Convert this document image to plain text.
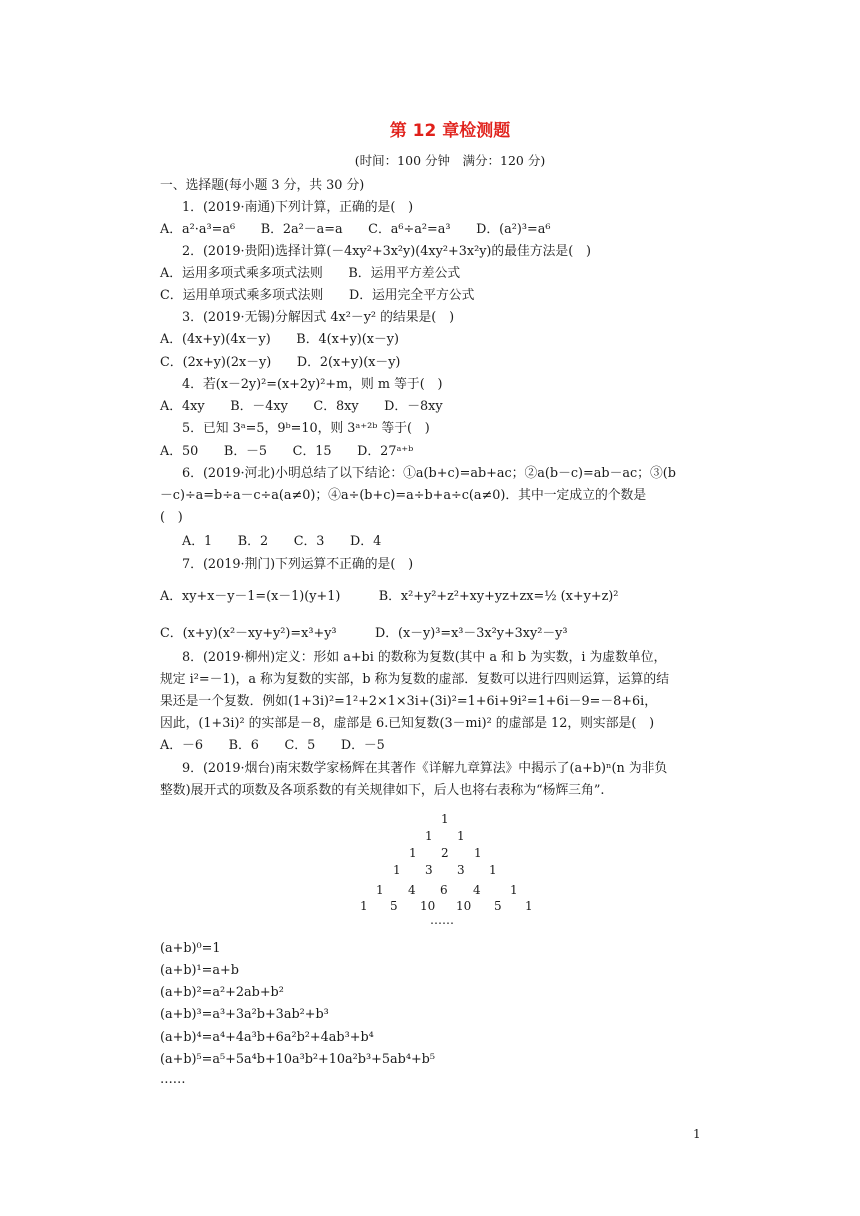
第 12 章检测题
(时间：100 分钟　满分：120 分)
一、选择题(每小题 3 分，共 30 分)
1．(2019·南通)下列计算，正确的是(　)
A．a²·a³=a⁶　　B．2a²－a=a　　C．a⁶÷a²=a³　　D．(a²)³=a⁶
2．(2019·贵阳)选择计算(－4xy²+3x²y)(4xy²+3x²y)的最佳方法是(　)
A．运用多项式乘多项式法则　　B．运用平方差公式
C．运用单项式乘多项式法则　　D．运用完全平方公式
3．(2019·无锡)分解因式 4x²－y² 的结果是(　)
A．(4x+y)(4x－y)　　B．4(x+y)(x－y)
C．(2x+y)(2x－y)　　D．2(x+y)(x－y)
4．若(x－2y)²=(x+2y)²+m，则 m 等于(　)
A．4xy　　B．－4xy　　C．8xy　　D．－8xy
5．已知 3ᵃ=5，9ᵇ=10，则 3ᵃ⁺²ᵇ 等于(　)
A．50　　B．－5　　C．15　　D．27ᵃ⁺ᵇ
6．(2019·河北)小明总结了以下结论：①a(b+c)=ab+ac；②a(b－c)=ab－ac；③(b
－c)÷a=b÷a－c÷a(a≠0)；④a÷(b+c)=a÷b+a÷c(a≠0)．其中一定成立的个数是
(　)
A．1　　B．2　　C．3　　D．4
7．(2019·荆门)下列运算不正确的是(　)
A．xy+x－y－1=(x－1)(y+1)　　　B．x²+y²+z²+xy+yz+zx=½ (x+y+z)²
C．(x+y)(x²－xy+y²)=x³+y³　　　D．(x－y)³=x³－3x²y+3xy²－y³
8．(2019·柳州)定义：形如 a+bi 的数称为复数(其中 a 和 b 为实数，i 为虚数单位，
规定 i²=－1)，a 称为复数的实部，b 称为复数的虚部．复数可以进行四则运算，运算的结
果还是一个复数．例如(1+3i)²=1²+2×1×3i+(3i)²=1+6i+9i²=1+6i－9=－8+6i，
因此，(1+3i)² 的实部是－8，虚部是 6.已知复数(3－mi)² 的虚部是 12，则实部是(　)
A．－6　　B．6　　C．5　　D．－5
9．(2019·烟台)南宋数学家杨辉在其著作《详解九章算法》中揭示了(a+b)ⁿ(n 为非负
整数)展开式的项数及各项系数的有关规律如下，后人也将右表称为“杨辉三角”.
1
1 1
1 2 1
1 3 3 1
1 4 6 4 1
1 5 10 10 5 1
……
(a+b)⁰=1
(a+b)¹=a+b
(a+b)²=a²+2ab+b²
(a+b)³=a³+3a²b+3ab²+b³
(a+b)⁴=a⁴+4a³b+6a²b²+4ab³+b⁴
(a+b)⁵=a⁵+5a⁴b+10a³b²+10a²b³+5ab⁴+b⁵
……
1
